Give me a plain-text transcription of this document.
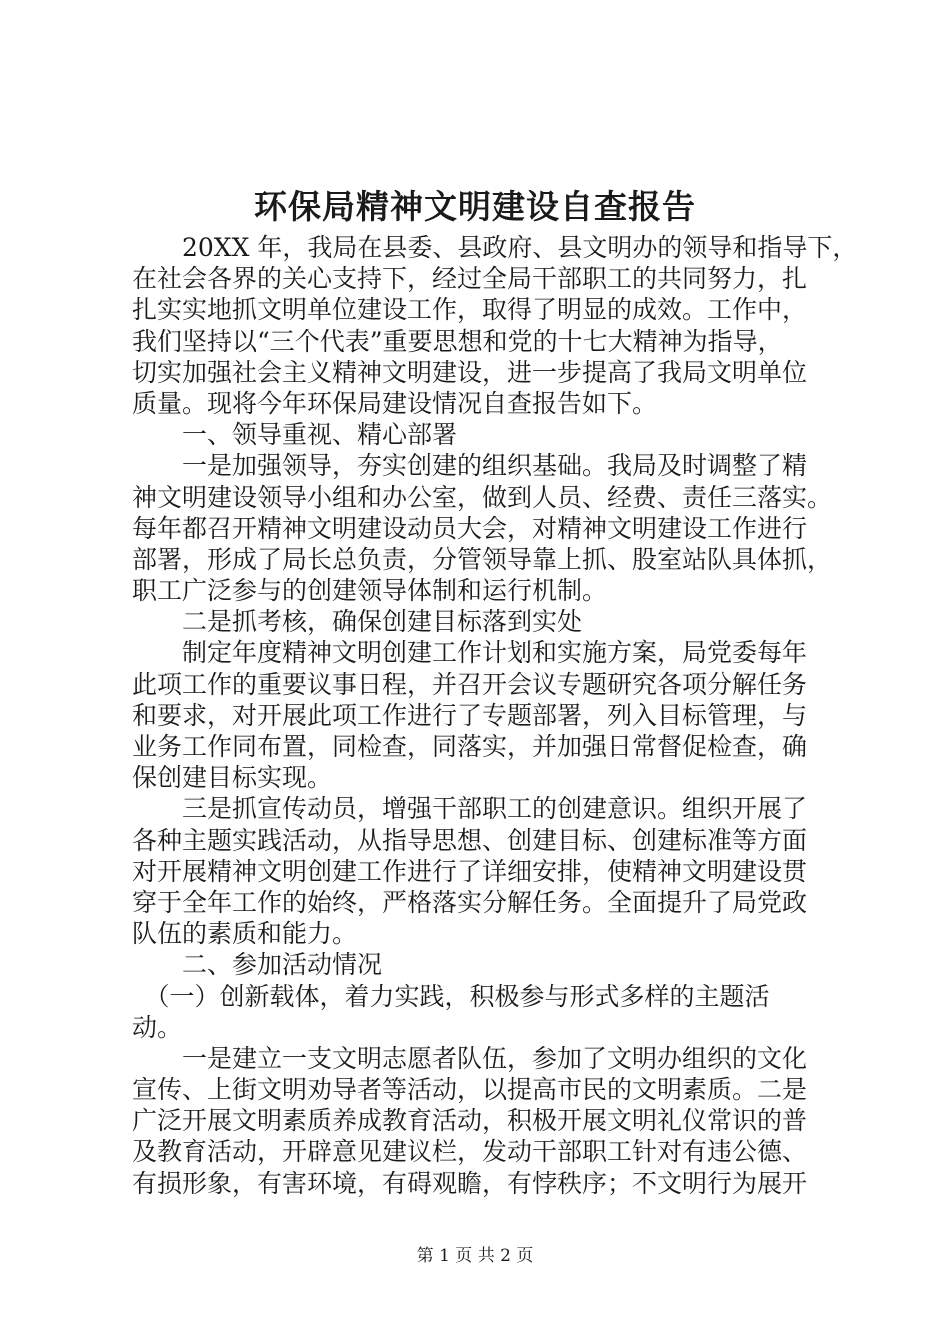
环保局精神文明建设自查报告
　　20XX 年，我局在县委、县政府、县文明办的领导和指导下，
在社会各界的关心支持下，经过全局干部职工的共同努力，扎
扎实实地抓文明单位建设工作，取得了明显的成效。工作中，
我们坚持以“三个代表”重要思想和党的十七大精神为指导，
切实加强社会主义精神文明建设，进一步提高了我局文明单位
质量。现将今年环保局建设情况自查报告如下。
　　一、领导重视、精心部署
　　一是加强领导，夯实创建的组织基础。我局及时调整了精
神文明建设领导小组和办公室，做到人员、经费、责任三落实。
每年都召开精神文明建设动员大会，对精神文明建设工作进行
部署，形成了局长总负责，分管领导靠上抓、股室站队具体抓，
职工广泛参与的创建领导体制和运行机制。
　　二是抓考核，确保创建目标落到实处
　　制定年度精神文明创建工作计划和实施方案，局党委每年
此项工作的重要议事日程，并召开会议专题研究各项分解任务
和要求，对开展此项工作进行了专题部署，列入目标管理，与
业务工作同布置，同检查，同落实，并加强日常督促检查，确
保创建目标实现。
　　三是抓宣传动员，增强干部职工的创建意识。组织开展了
各种主题实践活动，从指导思想、创建目标、创建标准等方面
对开展精神文明创建工作进行了详细安排，使精神文明建设贯
穿于全年工作的始终，严格落实分解任务。全面提升了局党政
队伍的素质和能力。
　　二、参加活动情况
　（一）创新载体，着力实践，积极参与形式多样的主题活
动。
　　一是建立一支文明志愿者队伍，参加了文明办组织的文化
宣传、上街文明劝导者等活动，以提高市民的文明素质。二是
广泛开展文明素质养成教育活动，积极开展文明礼仪常识的普
及教育活动，开辟意见建议栏，发动干部职工针对有违公德、
有损形象，有害环境，有碍观瞻，有悖秩序；不文明行为展开
第 1 页 共 2 页
